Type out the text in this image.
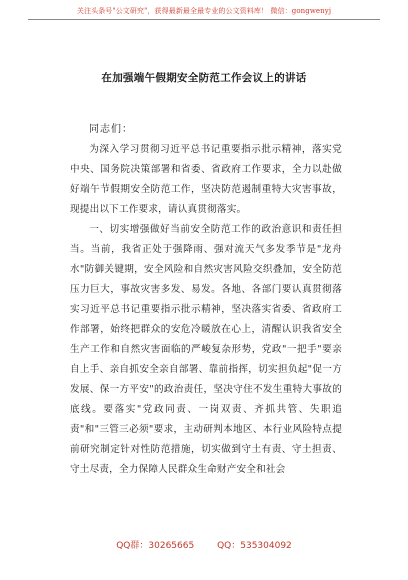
关注头条号"公文研究"，获得最新最全最专业的公文资料库！ 微信：gongwenyj
在加强端午假期安全防范工作会议上的讲话
同志们：

为深入学习贯彻习近平总书记重要指示批示精神，落实党中央、国务院决策部署和省委、省政府工作要求，全力以赴做好端午节假期安全防范工作，坚决防范遏制重特大灾害事故，现提出以下工作要求，请认真贯彻落实。

一、切实增强做好当前安全防范工作的政治意识和责任担当。当前，我省正处于强降雨、强对流天气多发季节是"龙舟水"防御关键期，安全风险和自然灾害风险交织叠加，安全防范压力巨大，事故灾害多发、易发。各地、各部门要认真贯彻落实习近平总书记重要指示批示精神，坚决落实省委、省政府工作部署，始终把群众的安危冷暖放在心上，清醒认识我省安全生产工作和自然灾害面临的严峻复杂形势，党政"一把手"要亲自上手、亲自抓安全亲自部署、靠前指挥，切实担负起"促一方发展、保一方平安"的政治责任，坚决守住不发生重特大事故的底线。要落实"党政同责、一岗双责、齐抓共管、失职追责"和"三管三必须"要求，主动研判本地区、本行业风险特点提前研究制定针对性防范措施，切实做到守土有责、守土担责、守土尽责，全力保障人民群众生命财产安全和社会

QQ群：30265665	QQ：535304092
